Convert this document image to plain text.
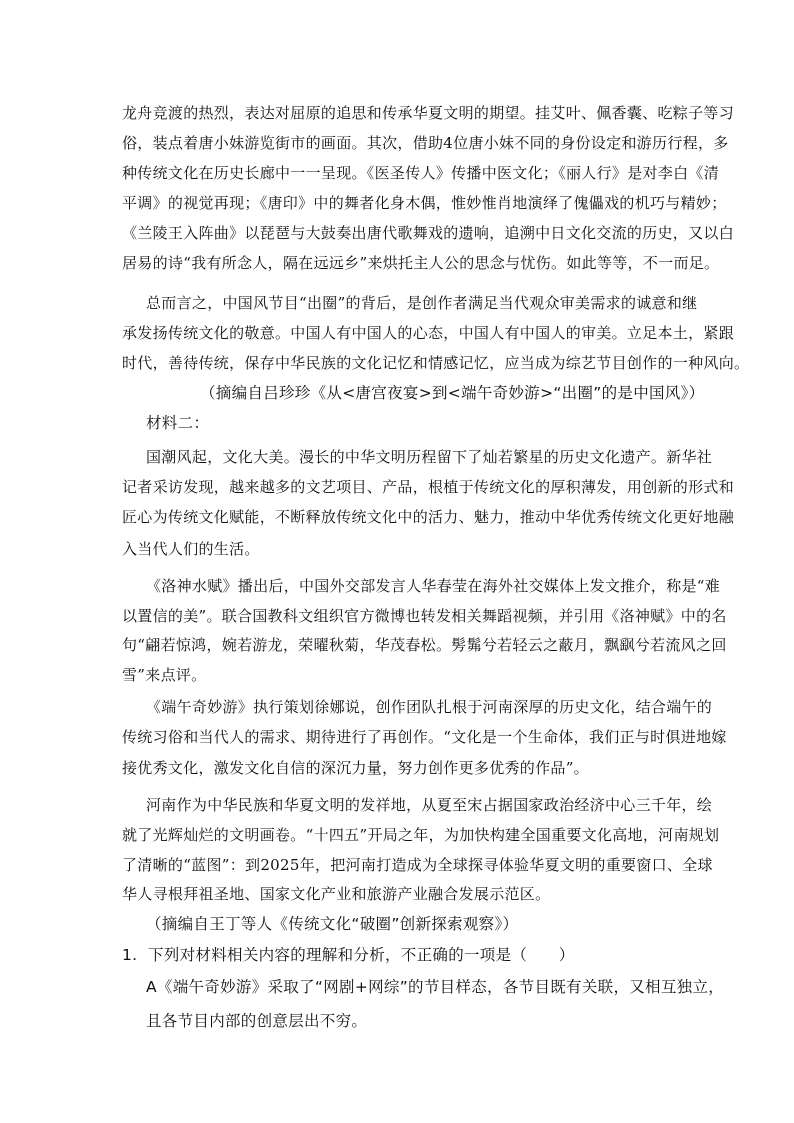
龙舟竞渡的热烈，表达对屈原的追思和传承华夏文明的期望。挂艾叶、佩香囊、吃粽子等习
俗，装点着唐小妹游览街市的画面。其次，借助4位唐小妹不同的身份设定和游历行程，多
种传统文化在历史长廊中一一呈现。《医圣传人》传播中医文化；《丽人行》是对李白《清
平调》的视觉再现；《唐印》中的舞者化身木偶，惟妙惟肖地演绎了傀儡戏的机巧与精妙；
《兰陵王入阵曲》以琵琶与大鼓奏出唐代歌舞戏的遗响，追溯中日文化交流的历史，又以白
居易的诗“我有所念人，隔在远远乡”来烘托主人公的思念与忧伤。如此等等，不一而足。
总而言之，中国风节目“出圈”的背后，是创作者满足当代观众审美需求的诚意和继
承发扬传统文化的敬意。中国人有中国人的心态，中国人有中国人的审美。立足本土，紧跟
时代，善待传统，保存中华民族的文化记忆和情感记忆，应当成为综艺节目创作的一种风向。
（摘编自吕珍珍《从<唐宫夜宴>到<端午奇妙游>“出圈”的是中国风》）
材料二：
国潮风起，文化大美。漫长的中华文明历程留下了灿若繁星的历史文化遗产。新华社
记者采访发现，越来越多的文艺项目、产品，根植于传统文化的厚积薄发，用创新的形式和
匠心为传统文化赋能，不断释放传统文化中的活力、魅力，推动中华优秀传统文化更好地融
入当代人们的生活。
《洛神水赋》播出后，中国外交部发言人华春莹在海外社交媒体上发文推介，称是“难
以置信的美”。联合国教科文组织官方微博也转发相关舞蹈视频，并引用《洛神赋》中的名
句“翩若惊鸿，婉若游龙，荣曜秋菊，华茂春松。髣髴兮若轻云之蔽月，飘飖兮若流风之回
雪”来点评。
《端午奇妙游》执行策划徐娜说，创作团队扎根于河南深厚的历史文化，结合端午的
传统习俗和当代人的需求、期待进行了再创作。“文化是一个生命体，我们正与时俱进地嫁
接优秀文化，激发文化自信的深沉力量，努力创作更多优秀的作品”。
河南作为中华民族和华夏文明的发祥地，从夏至宋占据国家政治经济中心三千年，绘
就了光辉灿烂的文明画卷。“十四五”开局之年，为加快构建全国重要文化高地，河南规划
了清晰的“蓝图”：到2025年，把河南打造成为全球探寻体验华夏文明的重要窗口、全球
华人寻根拜祖圣地、国家文化产业和旅游产业融合发展示范区。
（摘编自王丁等人《传统文化“破圈”创新探索观察》）
1. 下列对材料相关内容的理解和分析，不正确的一项是（　　）
A《端午奇妙游》采取了“网剧+网综”的节目样态，各节目既有关联，又相互独立，
且各节目内部的创意层出不穷。
